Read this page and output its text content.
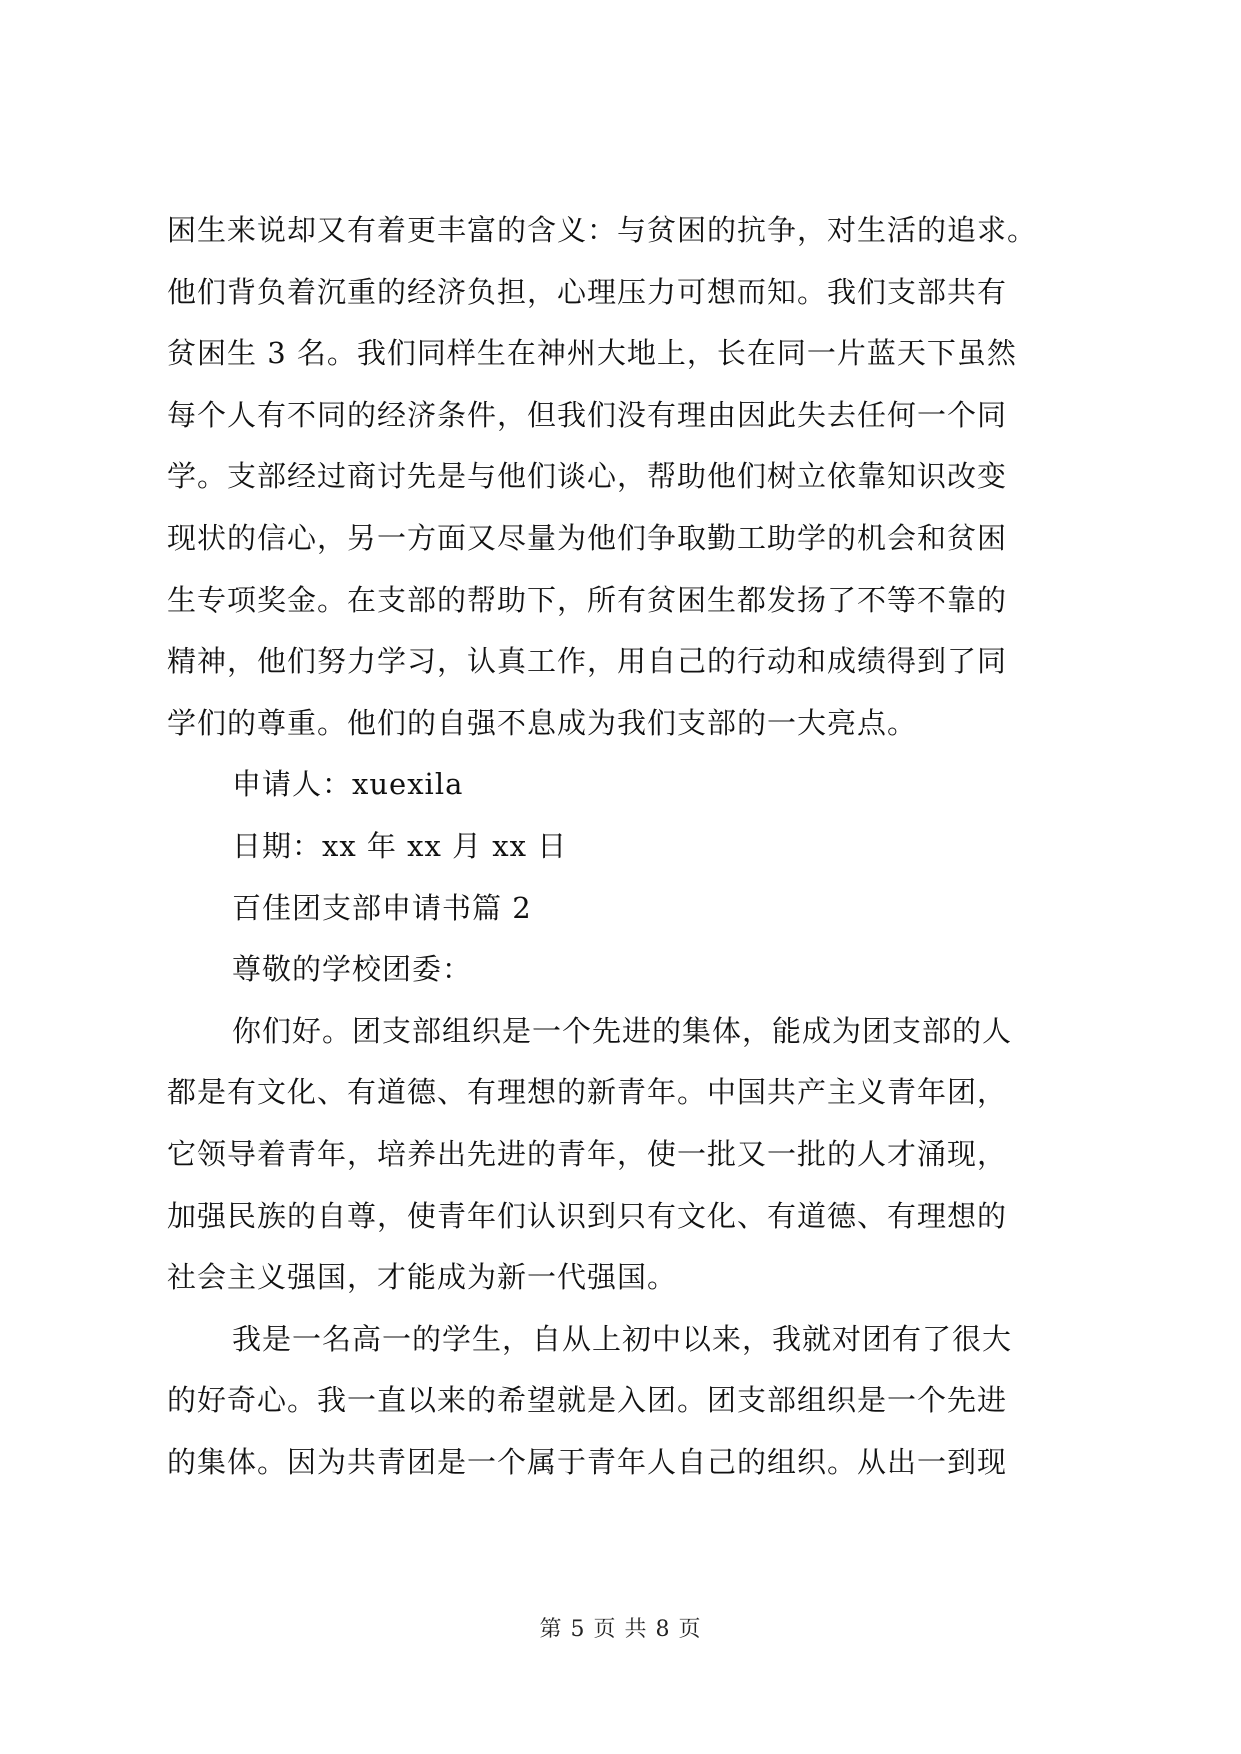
困生来说却又有着更丰富的含义：与贫困的抗争，对生活的追求。
他们背负着沉重的经济负担，心理压力可想而知。我们支部共有
贫困生 3 名。我们同样生在神州大地上，长在同一片蓝天下虽然
每个人有不同的经济条件，但我们没有理由因此失去任何一个同
学。支部经过商讨先是与他们谈心，帮助他们树立依靠知识改变
现状的信心，另一方面又尽量为他们争取勤工助学的机会和贫困
生专项奖金。在支部的帮助下，所有贫困生都发扬了不等不靠的
精神，他们努力学习，认真工作，用自己的行动和成绩得到了同
学们的尊重。他们的自强不息成为我们支部的一大亮点。
申请人：xuexila
日期：xx 年 xx 月 xx 日
百佳团支部申请书篇 2
尊敬的学校团委：
你们好。团支部组织是一个先进的集体，能成为团支部的人
都是有文化、有道德、有理想的新青年。中国共产主义青年团，
它领导着青年，培养出先进的青年，使一批又一批的人才涌现，
加强民族的自尊，使青年们认识到只有文化、有道德、有理想的
社会主义强国，才能成为新一代强国。
我是一名高一的学生，自从上初中以来，我就对团有了很大
的好奇心。我一直以来的希望就是入团。团支部组织是一个先进
的集体。因为共青团是一个属于青年人自己的组织。从出一到现
第 5 页 共 8 页
